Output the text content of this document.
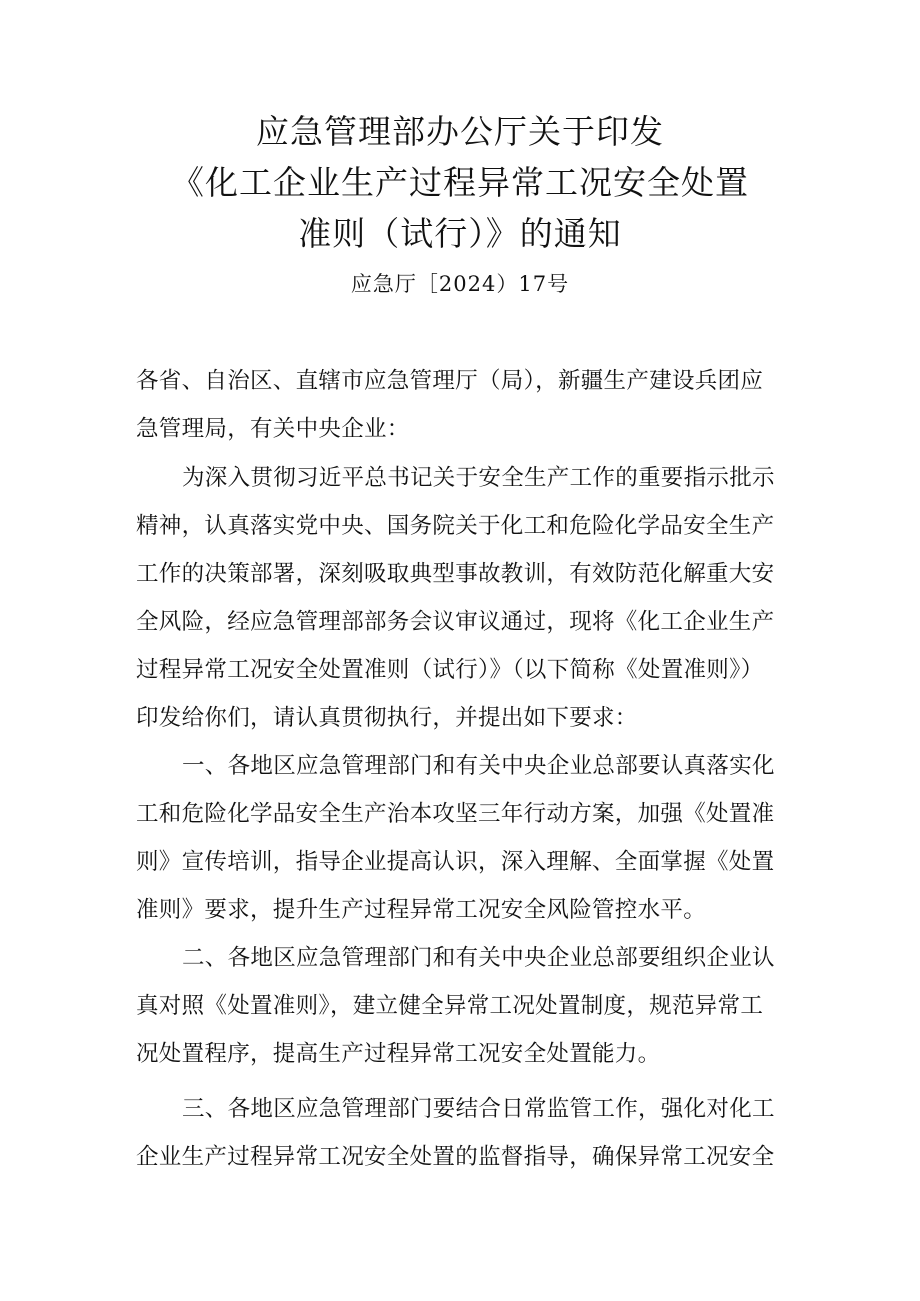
应急管理部办公厅关于印发
《化工企业生产过程异常工况安全处置
准则（试行）》的通知
应急厅［2024）17号
各省、自治区、直辖市应急管理厅（局），新疆生产建设兵团应
急管理局，有关中央企业：
为深入贯彻习近平总书记关于安全生产工作的重要指示批示
精神，认真落实党中央、国务院关于化工和危险化学品安全生产
工作的决策部署，深刻吸取典型事故教训，有效防范化解重大安
全风险，经应急管理部部务会议审议通过，现将《化工企业生产
过程异常工况安全处置准则（试行）》（以下简称《处置准则》）
印发给你们，请认真贯彻执行，并提出如下要求：
一、各地区应急管理部门和有关中央企业总部要认真落实化
工和危险化学品安全生产治本攻坚三年行动方案，加强《处置准
则》宣传培训，指导企业提高认识，深入理解、全面掌握《处置
准则》要求，提升生产过程异常工况安全风险管控水平。
二、各地区应急管理部门和有关中央企业总部要组织企业认
真对照《处置准则》，建立健全异常工况处置制度，规范异常工
况处置程序，提高生产过程异常工况安全处置能力。
三、各地区应急管理部门要结合日常监管工作，强化对化工
企业生产过程异常工况安全处置的监督指导，确保异常工况安全
